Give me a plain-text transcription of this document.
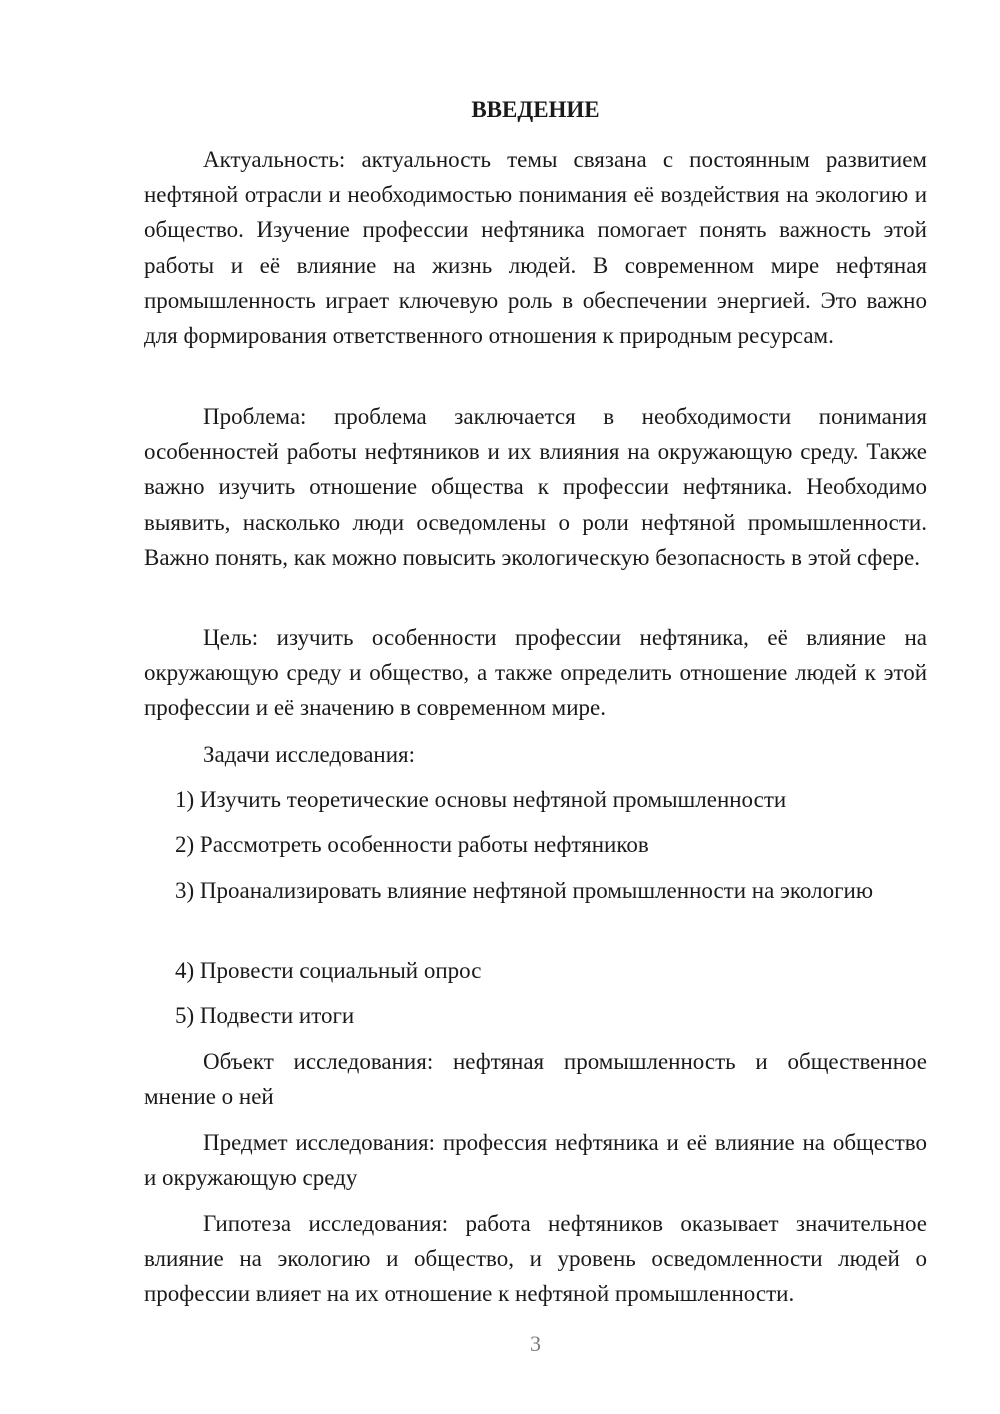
ВВЕДЕНИЕ

Актуальность: актуальность темы связана с постоянным развитием нефтяной отрасли и необходимостью понимания её воздействия на экологию и общество. Изучение профессии нефтяника помогает понять важность этой работы и её влияние на жизнь людей. В современном мире нефтяная промышленность играет ключевую роль в обеспечении энергией. Это важно для формирования ответственного отношения к природным ресурсам.

Проблема: проблема заключается в необходимости понимания особенностей работы нефтяников и их влияния на окружающую среду. Также важно изучить отношение общества к профессии нефтяника. Необходимо выявить, насколько люди осведомлены о роли нефтяной промышленности. Важно понять, как можно повысить экологическую безопасность в этой сфере.

Цель: изучить особенности профессии нефтяника, её влияние на окружающую среду и общество, а также определить отношение людей к этой профессии и её значению в современном мире.

Задачи исследования:

1) Изучить теоретические основы нефтяной промышленности

2) Рассмотреть особенности работы нефтяников

3) Проанализировать влияние нефтяной промышленности на экологию

4) Провести социальный опрос

5) Подвести итоги

Объект исследования: нефтяная промышленность и общественное мнение о ней

Предмет исследования: профессия нефтяника и её влияние на общество и окружающую среду

Гипотеза исследования: работа нефтяников оказывает значительное влияние на экологию и общество, и уровень осведомленности людей о профессии влияет на их отношение к нефтяной промышленности.

3
